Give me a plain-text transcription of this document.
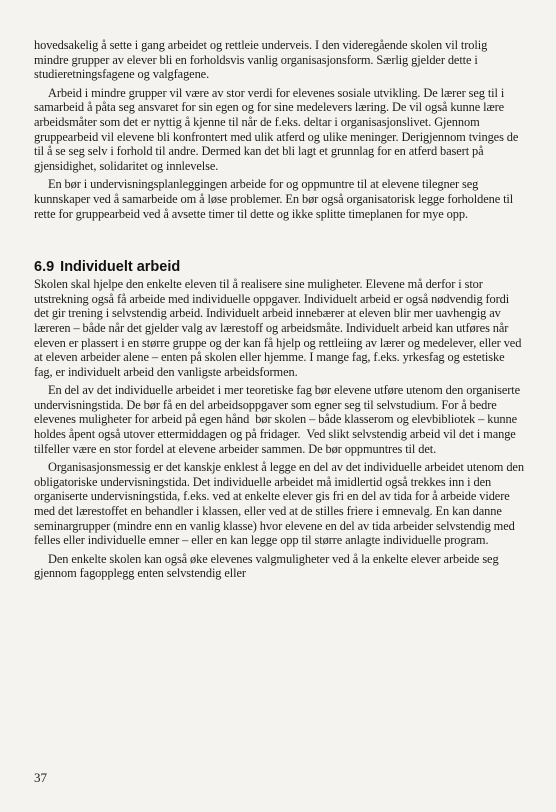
hovedsakelig å sette i gang arbeidet og rettleie underveis. I den videregående skolen vil trolig mindre grupper av elever bli en forholdsvis vanlig organisasjonsform. Særlig gjelder dette i studieretningsfagene og valgfagene.

Arbeid i mindre grupper vil være av stor verdi for elevenes sosiale utvikling. De lærer seg til i samarbeid å påta seg ansvaret for sin egen og for sine medelevers læring. De vil også kunne lære arbeidsmåter som det er nyttig å kjenne til når de f.eks. deltar i organisasjonslivet. Gjennom gruppearbeid vil elevene bli konfrontert med ulik atferd og ulike meninger. Derigjennom tvinges de til å se seg selv i forhold til andre. Dermed kan det bli lagt et grunnlag for en atferd basert på gjensidighet, solidaritet og innlevelse.

En bør i undervisningsplanleggingen arbeide for og oppmuntre til at elevene tilegner seg kunnskaper ved å samarbeide om å løse problemer. En bør også organisatorisk legge forholdene til rette for gruppearbeid ved å avsette timer til dette og ikke splitte timeplanen for mye opp.

6.9 Individuelt arbeid

Skolen skal hjelpe den enkelte eleven til å realisere sine muligheter. Elevene må derfor i stor utstrekning også få arbeide med individuelle oppgaver. Individuelt arbeid er også nødvendig fordi det gir trening i selvstendig arbeid. Individuelt arbeid innebærer at eleven blir mer uavhengig av læreren – både når det gjelder valg av lærestoff og arbeidsmåte. Individuelt arbeid kan utføres når eleven er plassert i en større gruppe og der kan få hjelp og rettleiing av lærer og medelever, eller ved at eleven arbeider alene – enten på skolen eller hjemme. I mange fag, f.eks. yrkesfag og estetiske fag, er individuelt arbeid den vanligste arbeidsformen.

En del av det individuelle arbeidet i mer teoretiske fag bør elevene utføre utenom den organiserte undervisningstida. De bør få en del arbeidsoppgaver som egner seg til selvstudium. For å bedre elevenes muligheter for arbeid på egen hånd  bør skolen – både klasserom og elevbibliotek – kunne holdes åpent også utover ettermiddagen og på fridager.  Ved slikt selvstendig arbeid vil det i mange tilfeller være en stor fordel at elevene arbeider sammen. De bør oppmuntres til det.

Organisasjonsmessig er det kanskje enklest å legge en del av det individuelle arbeidet utenom den obligatoriske undervisningstida. Det individuelle arbeidet må imidlertid også trekkes inn i den organiserte undervisningstida, f.eks. ved at enkelte elever gis fri en del av tida for å arbeide videre med det lærestoffet en behandler i klassen, eller ved at de stilles friere i emnevalg. En kan danne seminargrupper (mindre enn en vanlig klasse) hvor elevene en del av tida arbeider selvstendig med felles eller individuelle emner – eller en kan legge opp til større anlagte individuelle program.

Den enkelte skolen kan også øke elevenes valgmuligheter ved å la enkelte elever arbeide seg gjennom fagopplegg enten selvstendig eller

37
